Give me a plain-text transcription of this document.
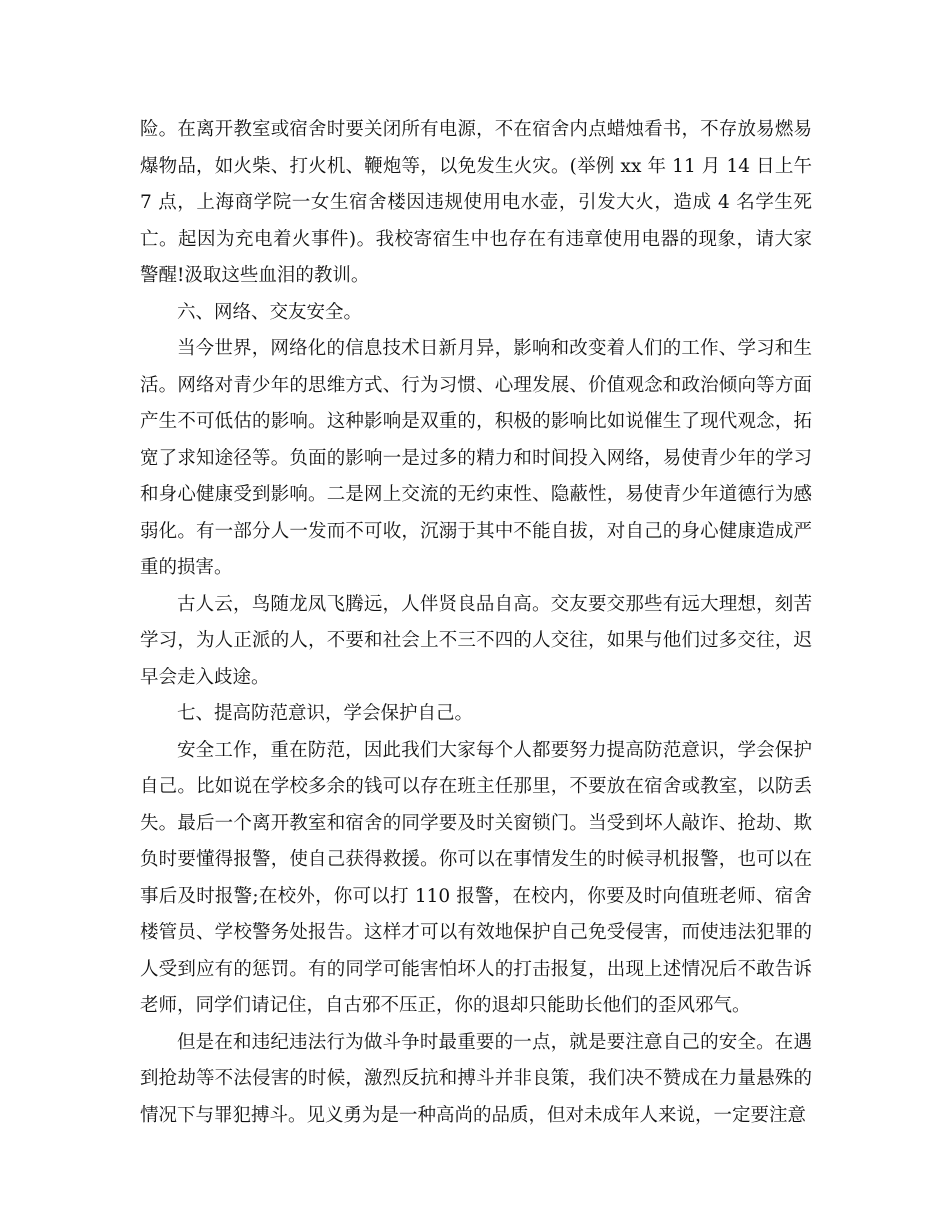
险。在离开教室或宿舍时要关闭所有电源，不在宿舍内点蜡烛看书，不存放易燃易爆物品，如火柴、打火机、鞭炮等，以免发生火灾。(举例 xx 年 11 月 14 日上午 7 点，上海商学院一女生宿舍楼因违规使用电水壶，引发大火，造成 4 名学生死亡。起因为充电着火事件)。我校寄宿生中也存在有违章使用电器的现象，请大家警醒!汲取这些血泪的教训。

六、网络、交友安全。

当今世界，网络化的信息技术日新月异，影响和改变着人们的工作、学习和生活。网络对青少年的思维方式、行为习惯、心理发展、价值观念和政治倾向等方面产生不可低估的影响。这种影响是双重的，积极的影响比如说催生了现代观念，拓宽了求知途径等。负面的影响一是过多的精力和时间投入网络，易使青少年的学习和身心健康受到影响。二是网上交流的无约束性、隐蔽性，易使青少年道德行为感弱化。有一部分人一发而不可收，沉溺于其中不能自拔，对自己的身心健康造成严重的损害。

古人云，鸟随龙凤飞腾远，人伴贤良品自高。交友要交那些有远大理想，刻苦学习，为人正派的人，不要和社会上不三不四的人交往，如果与他们过多交往，迟早会走入歧途。

七、提高防范意识，学会保护自己。

安全工作，重在防范，因此我们大家每个人都要努力提高防范意识，学会保护自己。比如说在学校多余的钱可以存在班主任那里，不要放在宿舍或教室，以防丢失。最后一个离开教室和宿舍的同学要及时关窗锁门。当受到坏人敲诈、抢劫、欺负时要懂得报警，使自己获得救援。你可以在事情发生的时候寻机报警，也可以在事后及时报警;在校外，你可以打 110 报警，在校内，你要及时向值班老师、宿舍楼管员、学校警务处报告。这样才可以有效地保护自己免受侵害，而使违法犯罪的人受到应有的惩罚。有的同学可能害怕坏人的打击报复，出现上述情况后不敢告诉老师，同学们请记住，自古邪不压正，你的退却只能助长他们的歪风邪气。

但是在和违纪违法行为做斗争时最重要的一点，就是要注意自己的安全。在遇到抢劫等不法侵害的时候，激烈反抗和搏斗并非良策，我们决不赞成在力量悬殊的情况下与罪犯搏斗。见义勇为是一种高尚的品质，但对未成年人来说，一定要注意
